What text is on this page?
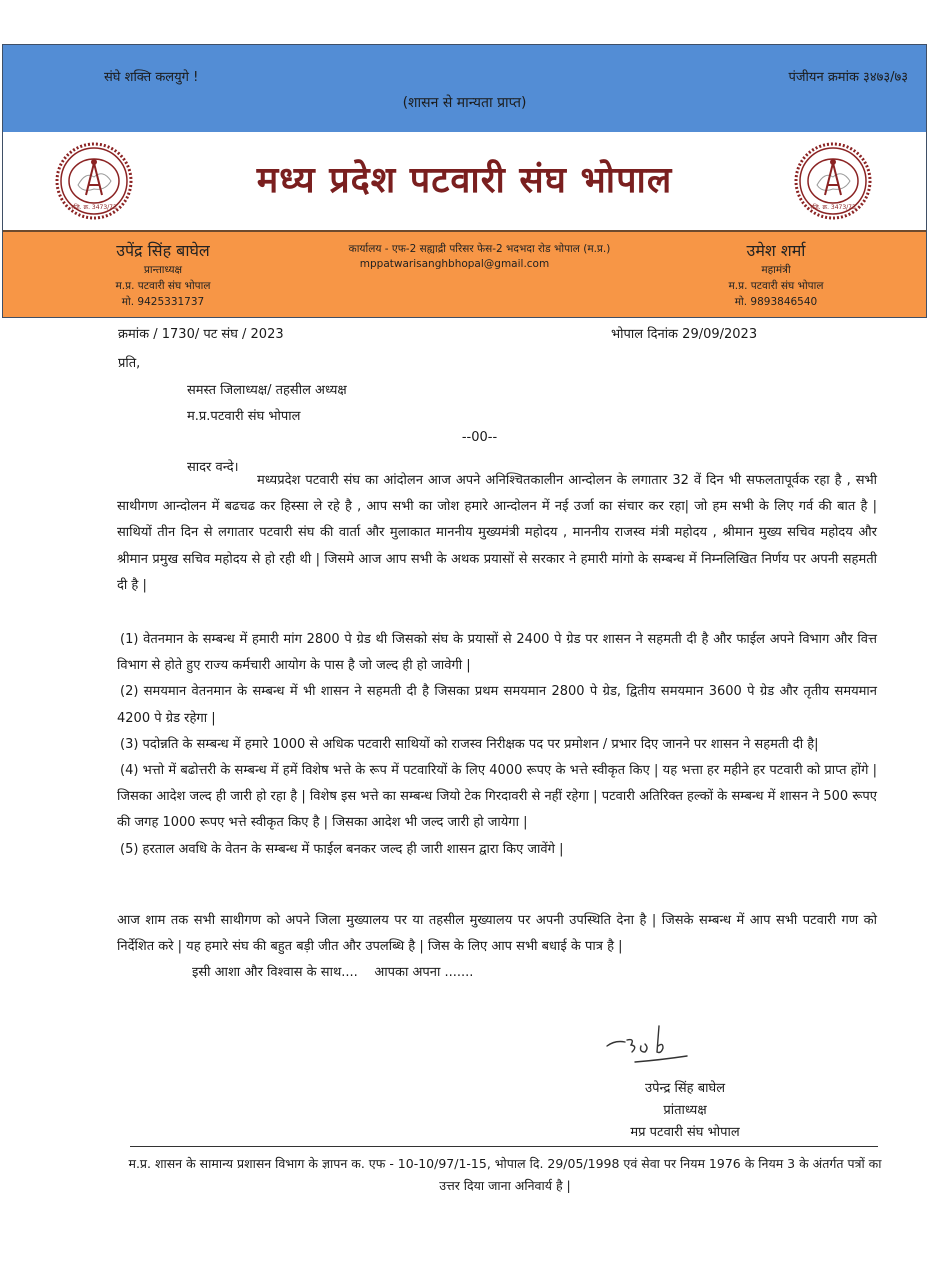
संघे शक्ति कलयुगे !	पंजीयन क्रमांक ३४७३/७३
(शासन से मान्यता प्राप्त)
रजि. क्र. 3473/73
मध्य प्रदेश पटवारी संघ भोपाल
रजि. क्र. 3473/73
उपेंद्र सिंह बाघेल
प्रान्ताध्यक्ष
म.प्र. पटवारी संघ भोपाल
मो. 9425331737
कार्यालय - एफ-2 सह्याद्री परिसर फेस-2 भदभदा रोड भोपाल (म.प्र.)
mppatwarisanghbhopal@gmail.com
उमेश शर्मा
महामंत्री
म.प्र. पटवारी संघ भोपाल
मो. 9893846540
क्रमांक / 1730/ पट संघ / 2023	भोपाल दिनांक 29/09/2023
प्रति,
समस्त जिलाध्यक्ष/ तहसील अध्यक्ष
म.प्र.पटवारी संघ भोपाल
--00--
सादर वन्दे।

मध्यप्रदेश पटवारी संघ का आंदोलन आज अपने अनिश्चितकालीन आन्दोलन के लगातार 32 वें दिन भी सफलतापूर्वक रहा है , सभी साथीगण आन्दोलन में बढचढ कर हिस्सा ले रहे है , आप सभी का जोश हमारे आन्दोलन में नई उर्जा का संचार कर रहा| जो हम सभी के लिए गर्व की बात है | साथियों तीन दिन से लगातार पटवारी संघ की वार्ता और मुलाकात माननीय मुख्यमंत्री महोदय , माननीय राजस्व मंत्री महोदय , श्रीमान मुख्य सचिव महोदय और श्रीमान प्रमुख सचिव महोदय से हो रही थी | जिसमे आज आप सभी के अथक प्रयासों से सरकार ने हमारी मांगो के सम्बन्ध में निम्नलिखित निर्णय पर अपनी सहमती दी है |

(1) वेतनमान के सम्बन्ध में हमारी मांग 2800 पे ग्रेड थी जिसको संघ के प्रयासों से 2400 पे ग्रेड पर शासन ने सहमती दी है और फाईल अपने विभाग और वित्त विभाग से होते हुए राज्य कर्मचारी आयोग के पास है जो जल्द ही हो जावेगी |

(2) समयमान वेतनमान के सम्बन्ध में भी शासन ने सहमती दी है जिसका प्रथम समयमान 2800 पे ग्रेड, द्वितीय समयमान 3600 पे ग्रेड और तृतीय समयमान 4200 पे ग्रेड रहेगा |

(3) पदोन्नति के सम्बन्ध में हमारे 1000 से अधिक पटवारी साथियों को राजस्व निरीक्षक पद पर प्रमोशन / प्रभार दिए जानने पर शासन ने सहमती दी है|

(4) भत्तो में बढोत्तरी के सम्बन्ध में हमें विशेष भत्ते के रूप में पटवारियों के लिए 4000 रूपए के भत्ते स्वीकृत किए | यह भत्ता हर महीने हर पटवारी को प्राप्त होंगे | जिसका आदेश जल्द ही जारी हो रहा है | विशेष इस भत्ते का सम्बन्ध जियो टेक गिरदावरी से नहीं रहेगा | पटवारी अतिरिक्त हल्कों के सम्बन्ध में शासन ने 500 रूपए की जगह 1000 रूपए भत्ते स्वीकृत किए है | जिसका आदेश भी जल्द जारी हो जायेगा |

(5) हरताल अवधि के वेतन के सम्बन्ध में फाईल बनकर जल्द ही जारी शासन द्वारा किए जावेंगे |

आज शाम तक सभी साथीगण को अपने जिला मुख्यालय पर या तहसील मुख्यालय पर अपनी उपस्थिति देना है | जिसके सम्बन्ध में आप सभी पटवारी गण को निर्देशित करे | यह हमारे संघ की बहुत बड़ी जीत और उपलब्धि है | जिस के लिए आप सभी बधाई के पात्र है |

इसी आशा और विश्वास के साथ....    आपका अपना .......

उपेन्द्र सिंह बाघेल
प्रांताध्यक्ष
मप्र पटवारी संघ भोपाल
म.प्र. शासन के सामान्य प्रशासन विभाग के ज्ञापन क. एफ - 10-10/97/1-15, भोपाल दि. 29/05/1998 एवं सेवा पर नियम 1976 के नियम 3 के अंतर्गत पत्रों का उत्तर दिया जाना अनिवार्य है |
